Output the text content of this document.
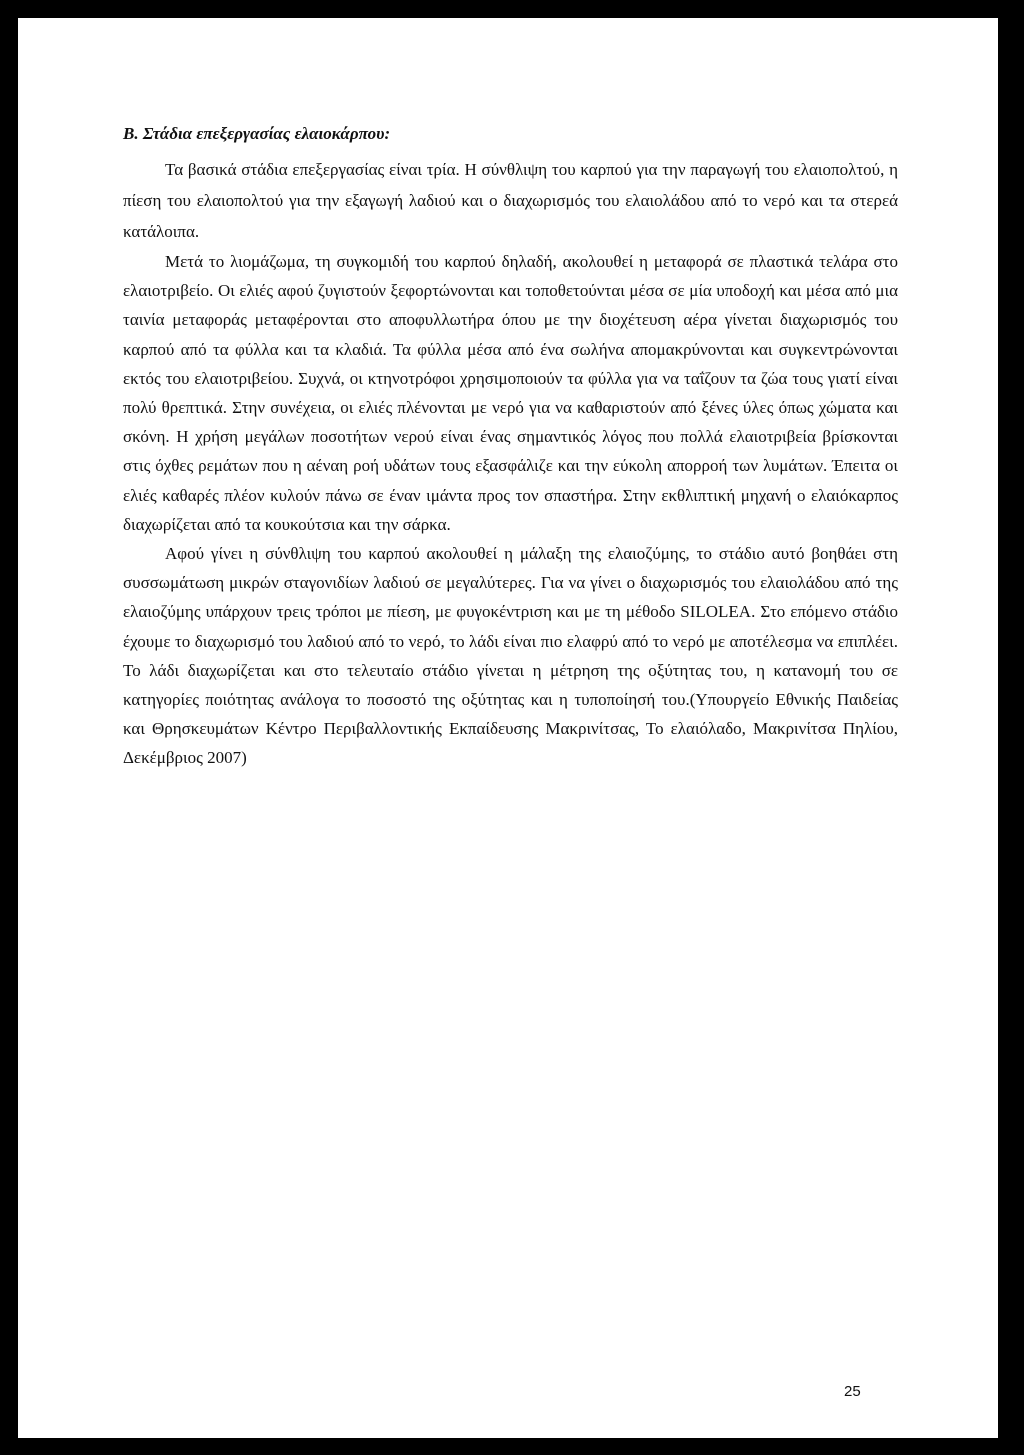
Β. Στάδια επεξεργασίας ελαιοκάρπου:

Τα βασικά στάδια επεξεργασίας είναι τρία. Η σύνθλιψη του καρπού για την παραγωγή του ελαιοπολτού, η πίεση του ελαιοπολτού για την εξαγωγή λαδιού και ο διαχωρισμός του ελαιολάδου από το νερό και τα στερεά κατάλοιπα.

Μετά το λιομάζωμα, τη συγκομιδή του καρπού δηλαδή, ακολουθεί η μεταφορά σε πλαστικά τελάρα στο ελαιοτριβείο. Οι ελιές αφού ζυγιστούν ξεφορτώνονται και τοποθετούνται μέσα σε μία υποδοχή και μέσα από μια ταινία μεταφοράς μεταφέρονται στο αποφυλλωτήρα όπου με την διοχέτευση αέρα γίνεται διαχωρισμός του καρπού από τα φύλλα και τα κλαδιά. Τα φύλλα μέσα από ένα σωλήνα απομακρύνονται και συγκεντρώνονται εκτός του ελαιοτριβείου. Συχνά, οι κτηνοτρόφοι χρησιμοποιούν τα φύλλα για να ταΐζουν τα ζώα τους γιατί είναι πολύ θρεπτικά. Στην συνέχεια, οι ελιές πλένονται με νερό για να καθαριστούν από ξένες ύλες όπως χώματα και σκόνη. Η χρήση μεγάλων ποσοτήτων νερού είναι ένας σημαντικός λόγος που πολλά ελαιοτριβεία βρίσκονται στις όχθες ρεμάτων που η αέναη ροή υδάτων τους εξασφάλιζε και την εύκολη απορροή των λυμάτων. Έπειτα οι ελιές καθαρές πλέον κυλούν πάνω σε έναν ιμάντα προς τον σπαστήρα. Στην εκθλιπτική μηχανή ο ελαιόκαρπος διαχωρίζεται από τα κουκούτσια και την σάρκα.

Αφού γίνει η σύνθλιψη του καρπού ακολουθεί η μάλαξη της ελαιοζύμης, το στάδιο αυτό βοηθάει στη συσσωμάτωση μικρών σταγονιδίων λαδιού σε μεγαλύτερες. Για να γίνει ο διαχωρισμός του ελαιολάδου από της ελαιοζύμης υπάρχουν τρεις τρόποι με πίεση, με φυγοκέντριση και με τη μέθοδο SILOLEA. Στο επόμενο στάδιο έχουμε το διαχωρισμό του λαδιού από το νερό, το λάδι είναι πιο ελαφρύ από το νερό με αποτέλεσμα να επιπλέει. Το λάδι διαχωρίζεται και στο τελευταίο στάδιο γίνεται η μέτρηση της οξύτητας του, η κατανομή του σε κατηγορίες ποιότητας ανάλογα το ποσοστό της οξύτητας και η τυποποίησή του.(Υπουργείο Εθνικής Παιδείας και Θρησκευμάτων Κέντρο Περιβαλλοντικής Εκπαίδευσης Μακρινίτσας, Το ελαιόλαδο, Μακρινίτσα Πηλίου, Δεκέμβριος 2007)

25
